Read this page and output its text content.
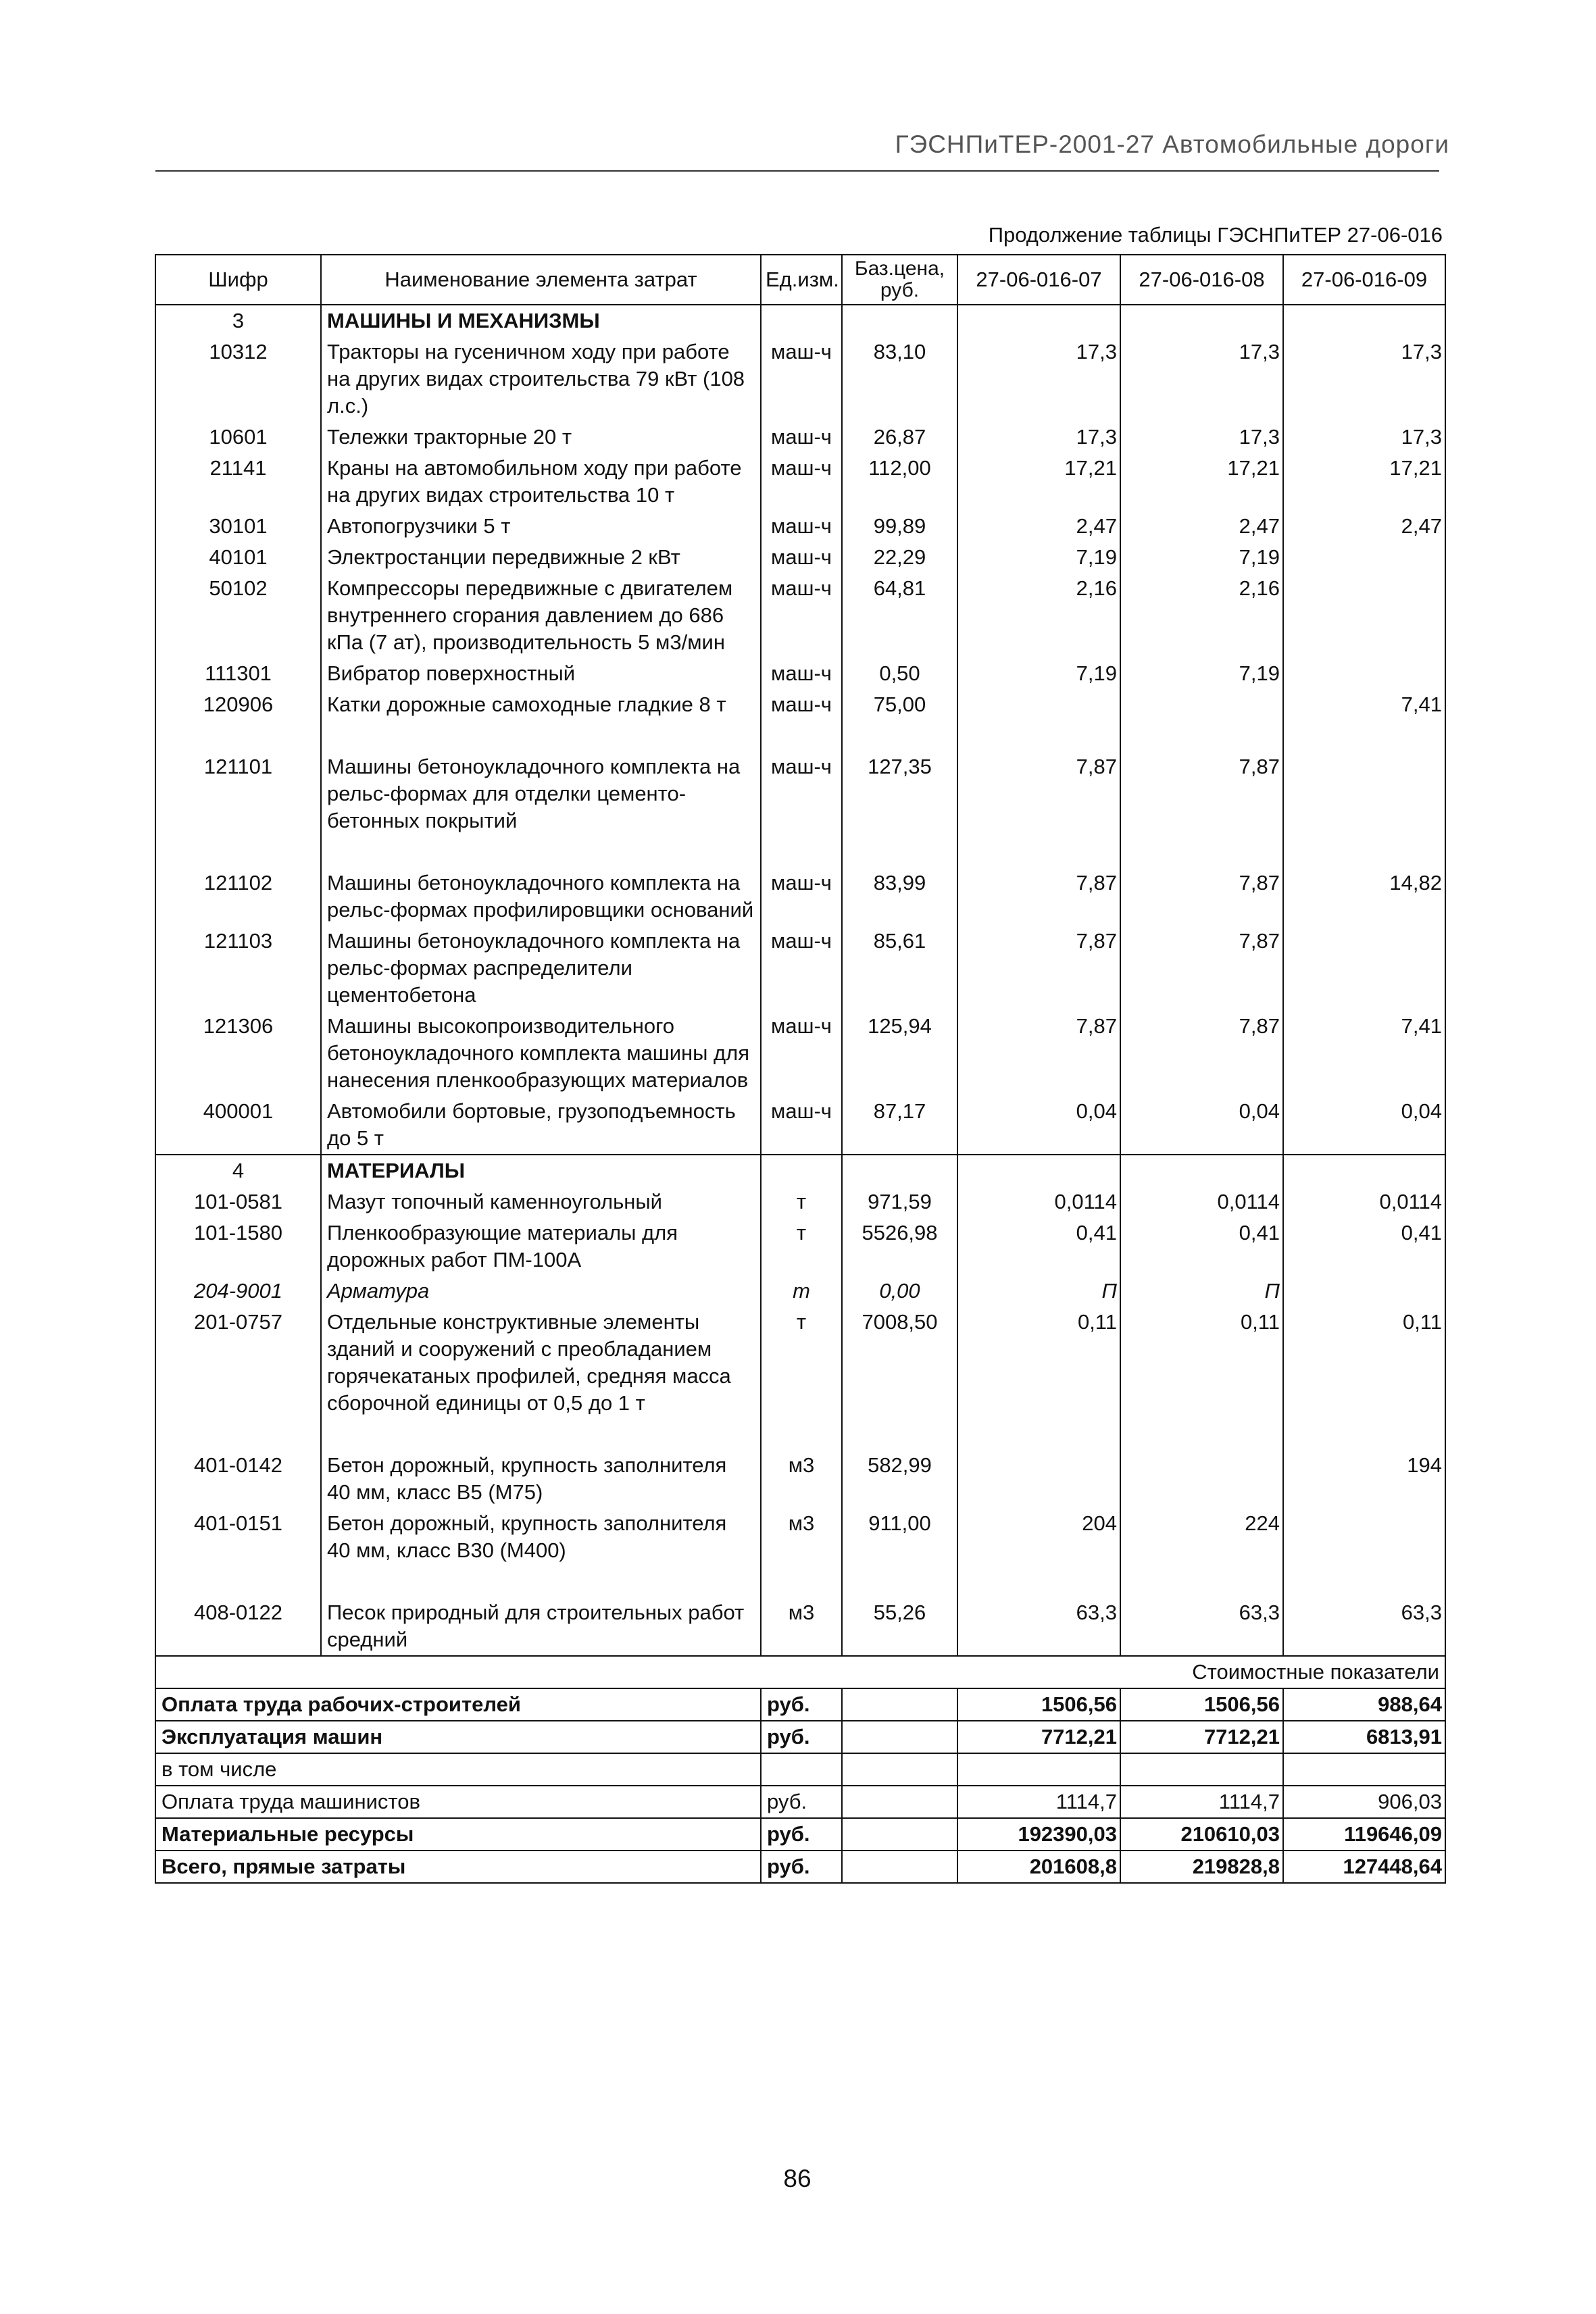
ГЭСНПиТЕР-2001-27 Автомобильные дороги
Продолжение таблицы ГЭСНПиТЕР 27-06-016
Шифр	Наименование элемента затрат	Ед.изм.	Баз.цена, руб.	27-06-016-07	27-06-016-08	27-06-016-09
3	МАШИНЫ И МЕХАНИЗМЫ					
10312	Тракторы на гусеничном ходу при работе на других видах строительства 79 кВт (108 л.с.)	маш-ч	83,10	17,3	17,3	17,3
10601	Тележки тракторные 20 т	маш-ч	26,87	17,3	17,3	17,3
21141	Краны на автомобильном ходу при работе на других видах строительства 10 т	маш-ч	112,00	17,21	17,21	17,21
30101	Автопогрузчики 5 т	маш-ч	99,89	2,47	2,47	2,47
40101	Электростанции передвижные 2 кВт	маш-ч	22,29	7,19	7,19	
50102	Компрессоры передвижные с двигателем внутреннего сгорания давлением до 686 кПа (7 ат), производительность 5 м3/мин	маш-ч	64,81	2,16	2,16	
111301	Вибратор поверхностный	маш-ч	0,50	7,19	7,19	
120906	Катки дорожные самоходные гладкие 8 т	маш-ч	75,00			7,41

121101	Машины бетоноукладочного комплекта на рельс-формах для отделки цементо-бетонных покрытий	маш-ч	127,35	7,87	7,87	

121102	Машины бетоноукладочного комплекта на рельс-формах профилировщики оснований	маш-ч	83,99	7,87	7,87	14,82
121103	Машины бетоноукладочного комплекта на рельс-формах распределители цементобетона	маш-ч	85,61	7,87	7,87	
121306	Машины высокопроизводительного бетоноукладочного комплекта машины для нанесения пленкообразующих материалов	маш-ч	125,94	7,87	7,87	7,41
400001	Автомобили бортовые, грузоподъемность до 5 т	маш-ч	87,17	0,04	0,04	0,04
4	МАТЕРИАЛЫ					
101-0581	Мазут топочный каменноугольный	т	971,59	0,0114	0,0114	0,0114
101-1580	Пленкообразующие материалы для дорожных работ ПМ-100А	т	5526,98	0,41	0,41	0,41
204-9001	Арматура	т	0,00	П	П	
201-0757	Отдельные конструктивные элементы зданий и сооружений с преобладанием горячекатаных профилей, средняя масса сборочной единицы от 0,5 до 1 т	т	7008,50	0,11	0,11	0,11

401-0142	Бетон дорожный, крупность заполнителя 40 мм, класс В5 (М75)	м3	582,99			194
401-0151	Бетон дорожный, крупность заполнителя 40 мм, класс В30 (М400)	м3	911,00	204	224	

408-0122	Песок природный для строительных работ средний	м3	55,26	63,3	63,3	63,3
Стоимостные показатели						
Оплата труда рабочих-строителей		руб.		1506,56	1506,56	988,64
Эксплуатация машин		руб.		7712,21	7712,21	6813,91
в том числе						
Оплата труда машинистов		руб.		1114,7	1114,7	906,03
Материальные ресурсы		руб.		192390,03	210610,03	119646,09
Всего, прямые затраты		руб.		201608,8	219828,8	127448,64
86
